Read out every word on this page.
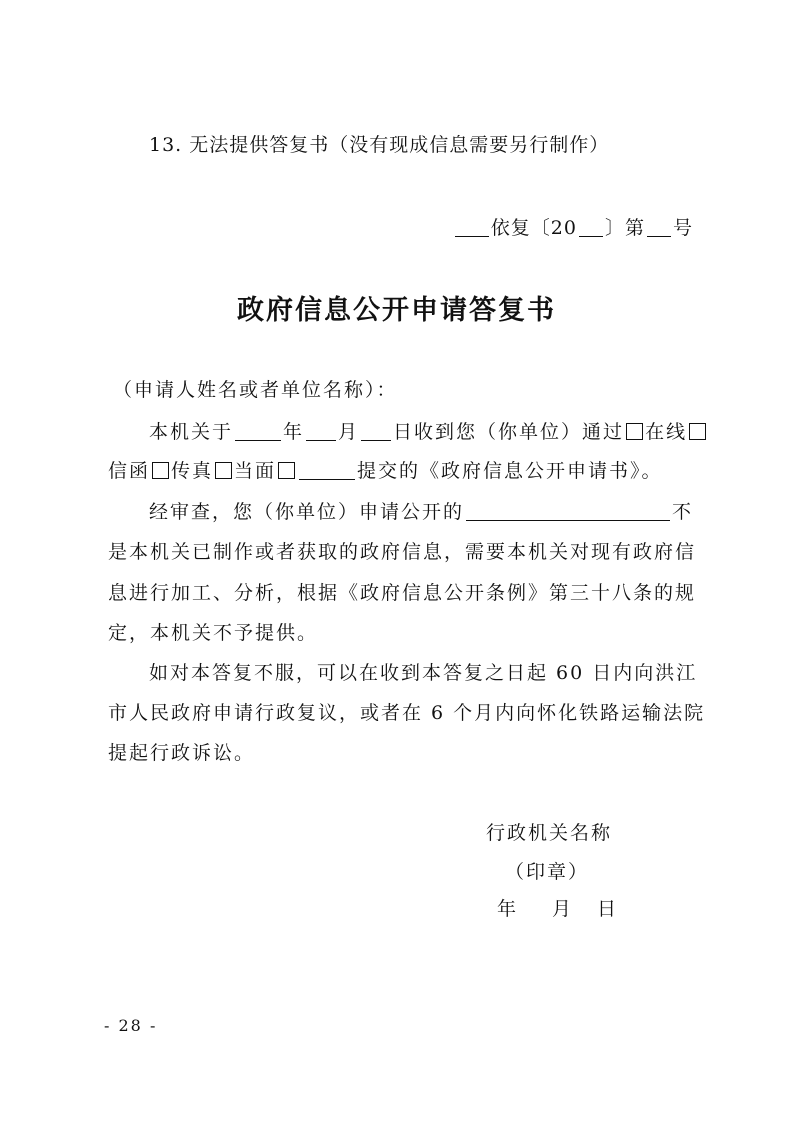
13. 无法提供答复书（没有现成信息需要另行制作）
依复〔20 〕第 号
政府信息公开申请答复书
（申请人姓名或者单位名称）：
本机关于	年 月 日收到您（你单位）通过 在线
信函 传真 当面	提交的《政府信息公开申请书》。
经审查，您（你单位）申请公开的	不
是本机关已制作或者获取的政府信息，需要本机关对现有政府信
息进行加工、分析，根据《政府信息公开条例》第三十八条的规
定，本机关不予提供。
如对本答复不服，可以在收到本答复之日起 60 日内向洪江
市人民政府申请行政复议，或者在 6 个月内向怀化铁路运输法院
提起行政诉讼。
行政机关名称
（印章）
年 月 日
- 28 -
